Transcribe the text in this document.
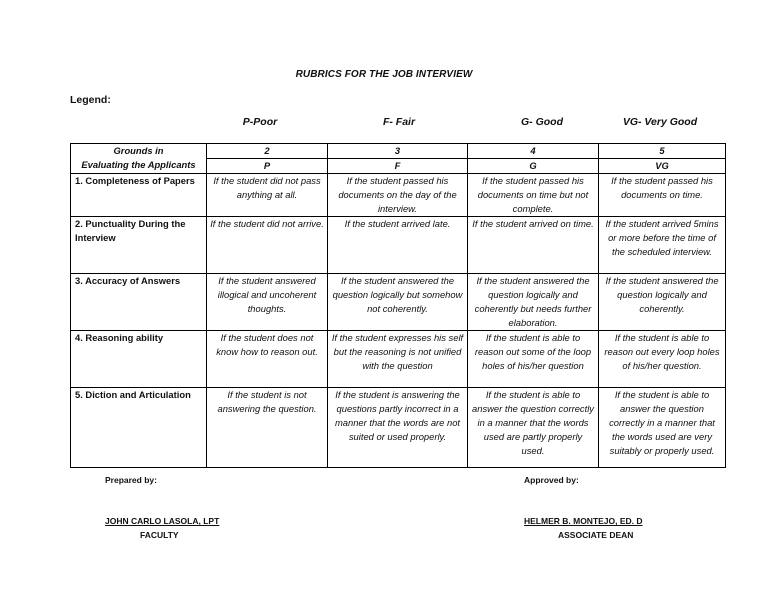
RUBRICS FOR THE JOB INTERVIEW
Legend:
P-Poor	F- Fair	G- Good	VG- Very Good
Grounds in
Evaluating the Applicants	2	3	4	5
	P	F	G	VG
1. Completeness of Papers	If the student did not pass anything at all.	If the student passed his documents on the day of the interview.	If the student passed his documents on time but not complete.	If the student passed his documents on time.
2. Punctuality During the Interview	If the student did not arrive.	If the student arrived late.	If the student arrived on time.	If the student arrived 5mins or more before the time of the scheduled interview.
3. Accuracy of Answers	If the student answered illogical and uncoherent thoughts.	If the student answered the question logically but somehow not coherently.	If the student answered the question logically and coherently but needs further elaboration.	If the student answered the question logically and coherently.
4. Reasoning ability	If the student does not know how to reason out.	If the student expresses his self but the reasoning is not unified with the question	If the student is able to reason out some of the loop holes of his/her question	If the student is able to reason out every loop holes of his/her question.
5. Diction and Articulation	If the student is not answering the question.	If the student is answering the questions partly incorrect in a manner that the words are not suited or used properly.	If the student is able to answer the question correctly in a manner that the words used are partly properly used.	If the student is able to answer the question correctly in a manner that the words used are very suitably or properly used.
Prepared by:	Approved by:
JOHN CARLO LASOLA, LPT
FACULTY
HELMER B. MONTEJO, ED. D
ASSOCIATE DEAN
